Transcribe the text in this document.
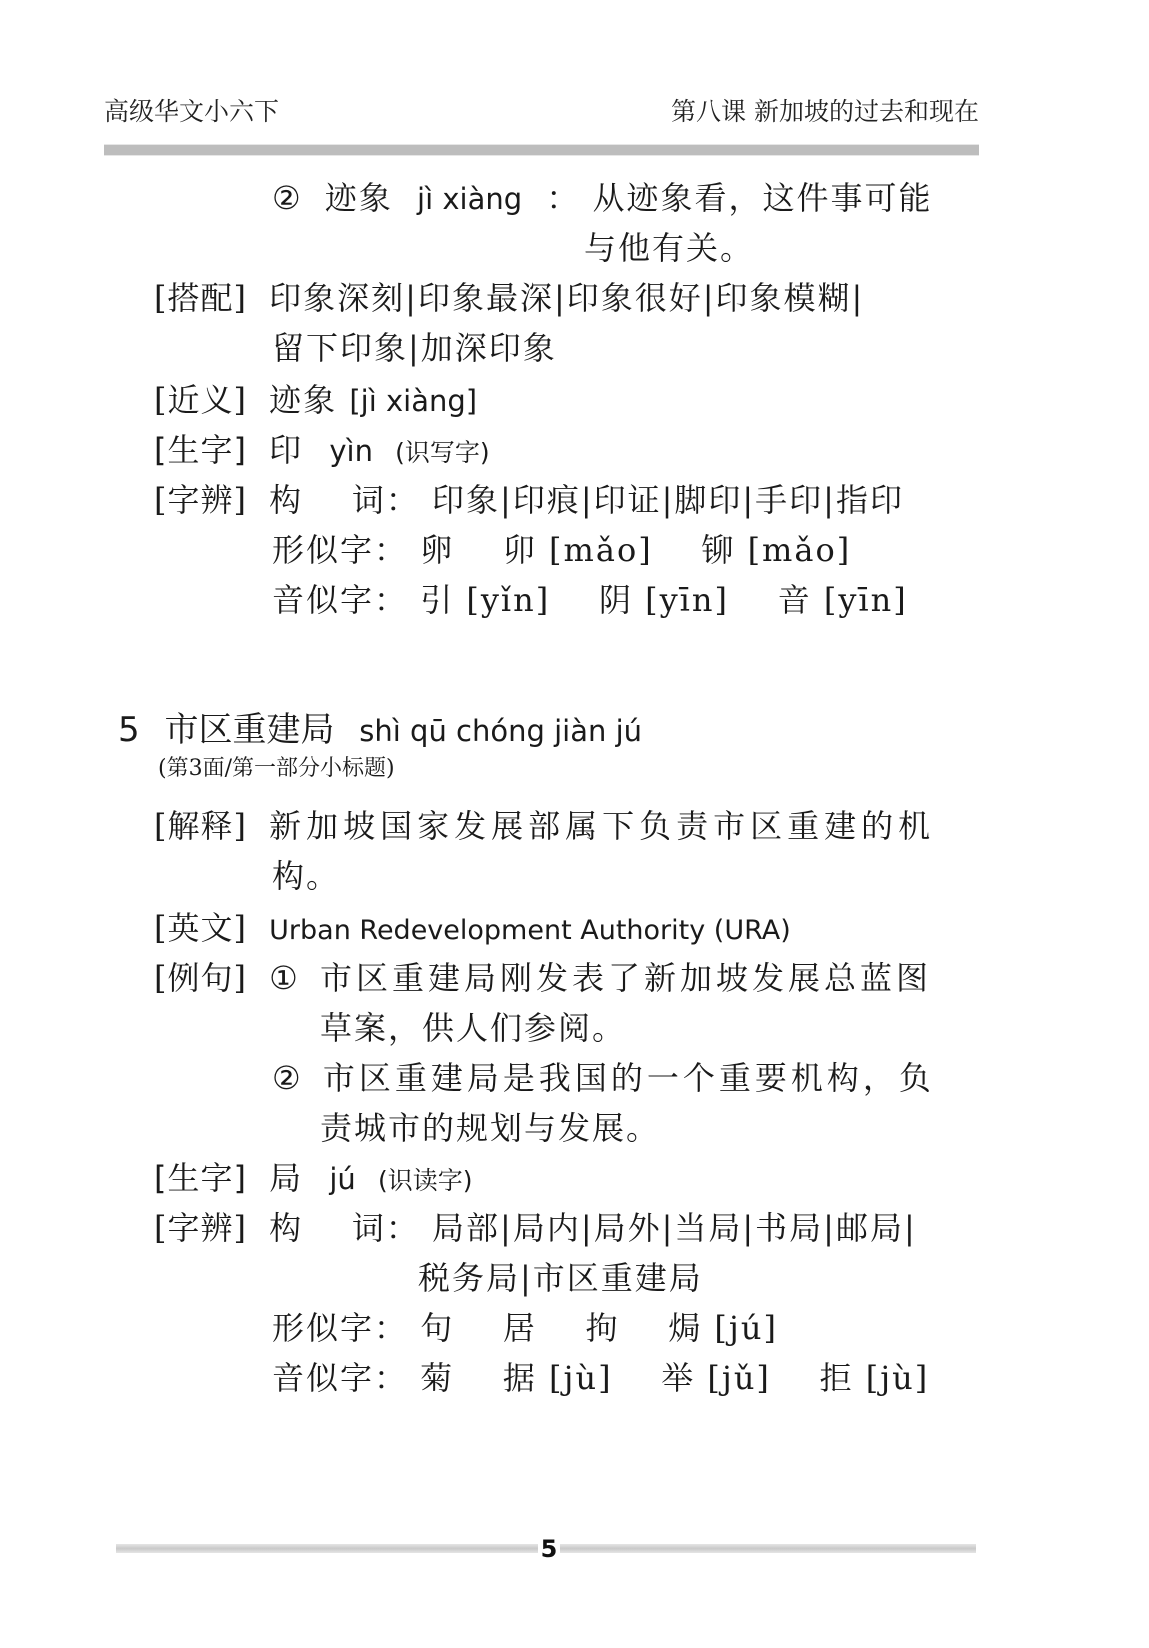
高级华文小六下	第八课 新加坡的过去和现在
② 迹象 jì xiàng ： 从迹象看，这件事可能
与他有关。
[搭配] 印象深刻|印象最深|印象很好|印象模糊|
留下印象|加深印象
[近义] 迹象 [jì xiàng]
[生字] 印 yìn (识写字)
[字辨] 构    词： 印象|印痕|印证|脚印|手印|指印
形似字： 卵    卯 [mǎo]    铆 [mǎo]
音似字： 引 [yǐn]    阴 [yīn]    音 [yīn]
5 市区重建局 shì qū chóng jiàn jú
(第3面/第一部分小标题)
[解释] 新加坡国家发展部属下负责市区重建的机
构。
[英文] Urban Redevelopment Authority (URA)
[例句] ① 市区重建局刚发表了新加坡发展总蓝图
草案，供人们参阅。
② 市区重建局是我国的一个重要机构，负
责城市的规划与发展。
[生字] 局 jú (识读字)
[字辨] 构    词： 局部|局内|局外|当局|书局|邮局|
税务局|市区重建局
形似字： 句    居    拘    焗 [jú]
音似字： 菊    据 [jù]    举 [jǔ]    拒 [jù]
5
